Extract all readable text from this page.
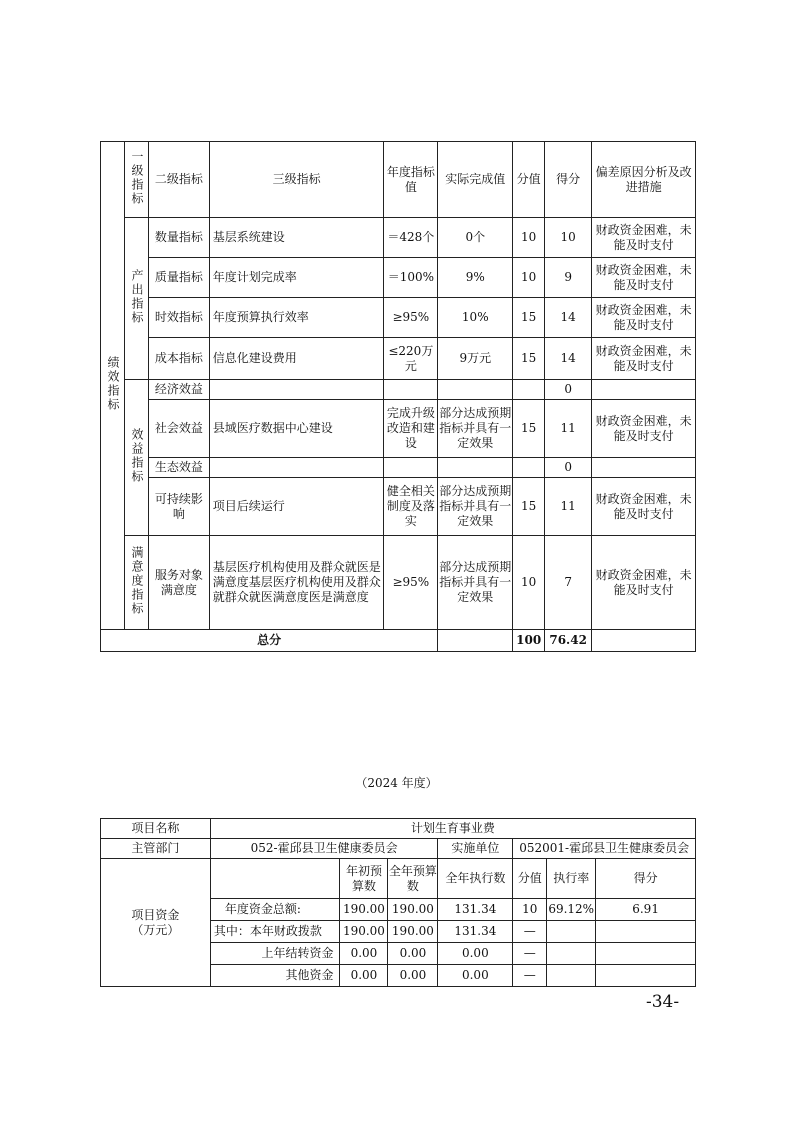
绩效指标	一级指标	二级指标	三级指标	年度指标值	实际完成值	分值	得分	偏差原因分析及改进措施
	产出指标	数量指标	基层系统建设	＝428个	0个	10	10	财政资金困难，未能及时支付
		质量指标	年度计划完成率	＝100%	9%	10	9	财政资金困难，未能及时支付
		时效指标	年度预算执行效率	≥95%	10%	15	14	财政资金困难，未能及时支付
		成本指标	信息化建设费用	≤220万元	9万元	15	14	财政资金困难，未能及时支付
	效益指标	经济效益					0	
		社会效益	县域医疗数据中心建设	完成升级改造和建设	部分达成预期指标并具有一定效果	15	11	财政资金困难，未能及时支付
		生态效益					0	
		可持续影响	项目后续运行	健全相关制度及落实	部分达成预期指标并具有一定效果	15	11	财政资金困难，未能及时支付
	满意度指标	服务对象满意度	基层医疗机构使用及群众就医是满意度基层医疗机构使用及群众就群众就医满意度医是满意度	≥95%	部分达成预期指标并具有一定效果	10	7	财政资金困难，未能及时支付
总分						100	76.42	
（2024 年度）
项目名称	计划生育事业费						
主管部门	052-霍邱县卫生健康委员会			实施单位	052001-霍邱县卫生健康委员会		

项目资金（万元）		年初预算数	全年预算数	全年执行数	分值	执行率	得分
	年度资金总额:	190.00	190.00	131.34	10	69.12%	6.91
	其中：本年财政拨款	190.00	190.00	131.34	—		
	上年结转资金	0.00	0.00	0.00	—		
	其他资金	0.00	0.00	0.00	—		
-34-
